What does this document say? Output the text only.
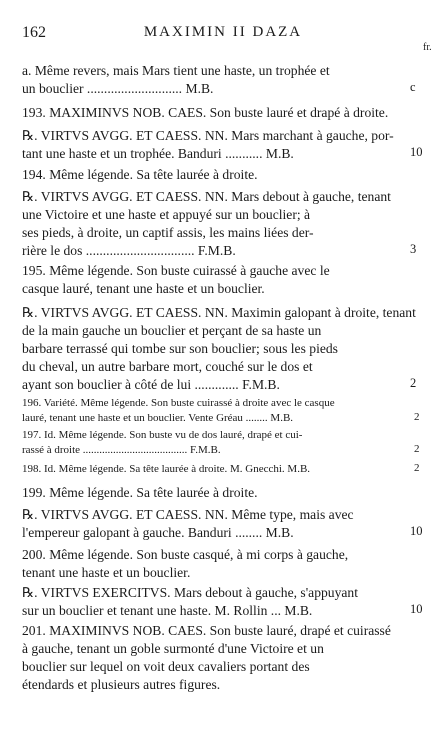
162	MAXIMIN II DAZA
fr.

a. Même revers, mais Mars tient une haste, un trophée et

un bouclier ............................ M.B.	c

193. MAXIMINVS NOB. CAES. Son buste lauré et drapé à droite.

℞. VIRTVS AVGG. ET CAESS. NN. Mars marchant à gauche, por-

tant une haste et un trophée. Banduri ........... M.B.	10

194. Même légende. Sa tête laurée à droite.

℞. VIRTVS AVGG. ET CAESS. NN. Mars debout à gauche, tenant

une Victoire et une haste et appuyé sur un bouclier; à

ses pieds, à droite, un captif assis, les mains liées der-

rière le dos ................................ F.M.B.	3

195. Même légende. Son buste cuirassé à gauche avec le

casque lauré, tenant une haste et un bouclier.

℞. VIRTVS AVGG. ET CAESS. NN. Maximin galopant à droite, tenant

de la main gauche un bouclier et perçant de sa haste un

barbare terrassé qui tombe sur son bouclier; sous les pieds

du cheval, un autre barbare mort, couché sur le dos et

ayant son bouclier à côté de lui ............. F.M.B.	2

196. Variété. Même légende. Son buste cuirassé à droite avec le casque

lauré, tenant une haste et un bouclier. Vente Gréau ........ M.B.	2

197. Id. Même légende. Son buste vu de dos lauré, drapé et cui-

rassé à droite ...................................... F.M.B.	2

198. Id. Même légende. Sa tête laurée à droite. M. Gnecchi. M.B.	2

199. Même légende. Sa tête laurée à droite.

℞. VIRTVS AVGG. ET CAESS. NN. Même type, mais avec

l'empereur galopant à gauche. Banduri ........ M.B.	10

200. Même légende. Son buste casqué, à mi corps à gauche,

tenant une haste et un bouclier.

℞. VIRTVS EXERCITVS. Mars debout à gauche, s'appuyant

sur un bouclier et tenant une haste. M. Rollin ... M.B.	10

201. MAXIMINVS NOB. CAES. Son buste lauré, drapé et cuirassé

à gauche, tenant un goble surmonté d'une Victoire et un

bouclier sur lequel on voit deux cavaliers portant des

étendards et plusieurs autres figures.
